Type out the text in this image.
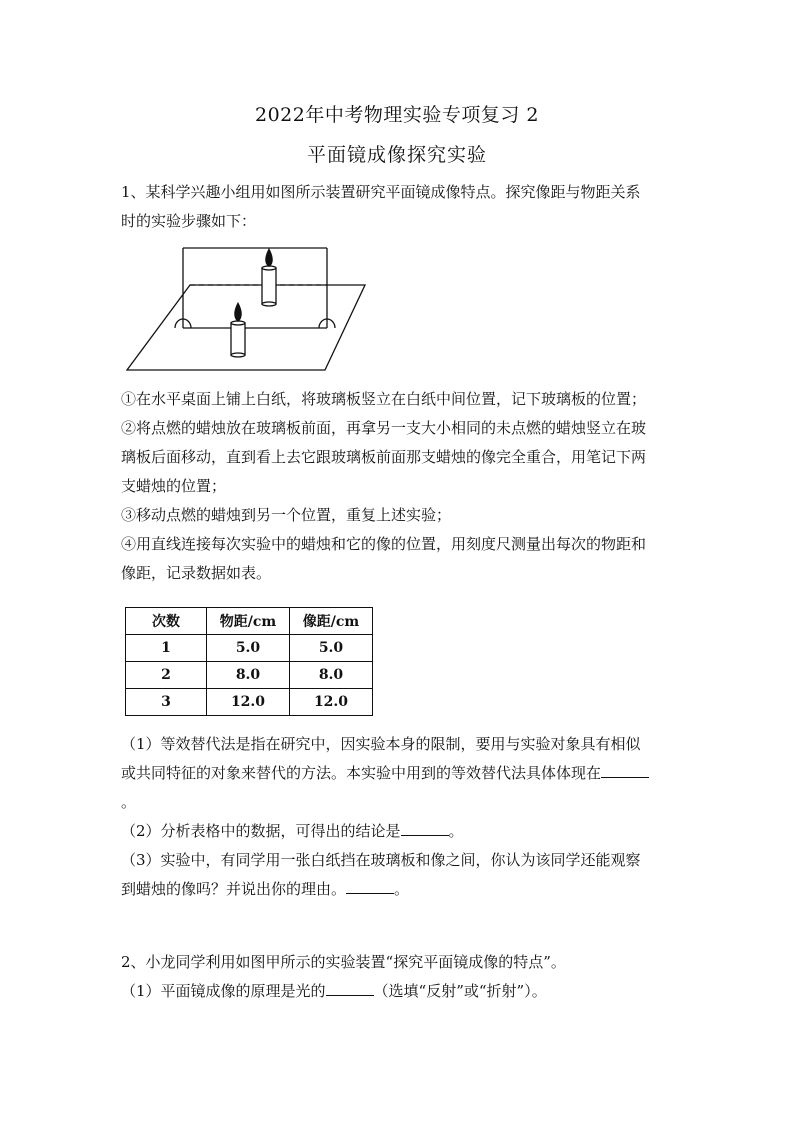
2022年中考物理实验专项复习 2
平面镜成像探究实验
1、某科学兴趣小组用如图所示装置研究平面镜成像特点。探究像距与物距关系
时的实验步骤如下：
①在水平桌面上铺上白纸，将玻璃板竖立在白纸中间位置，记下玻璃板的位置；
②将点燃的蜡烛放在玻璃板前面，再拿另一支大小相同的未点燃的蜡烛竖立在玻
璃板后面移动，直到看上去它跟玻璃板前面那支蜡烛的像完全重合，用笔记下两
支蜡烛的位置；
③移动点燃的蜡烛到另一个位置，重复上述实验；
④用直线连接每次实验中的蜡烛和它的像的位置，用刻度尺测量出每次的物距和
像距，记录数据如表。
次数	物距/cm	像距/cm
1	5.0	5.0
2	8.0	8.0
3	12.0	12.0
（1）等效替代法是指在研究中，因实验本身的限制，要用与实验对象具有相似
或共同特征的对象来替代的方法。本实验中用到的等效替代法具体体现在
。
（2）分析表格中的数据，可得出的结论是	。
（3）实验中，有同学用一张白纸挡在玻璃板和像之间，你认为该同学还能观察
到蜡烛的像吗？并说出你的理由。	。
2、小龙同学利用如图甲所示的实验装置“探究平面镜成像的特点”。
（1）平面镜成像的原理是光的	（选填“反射”或“折射”）。
